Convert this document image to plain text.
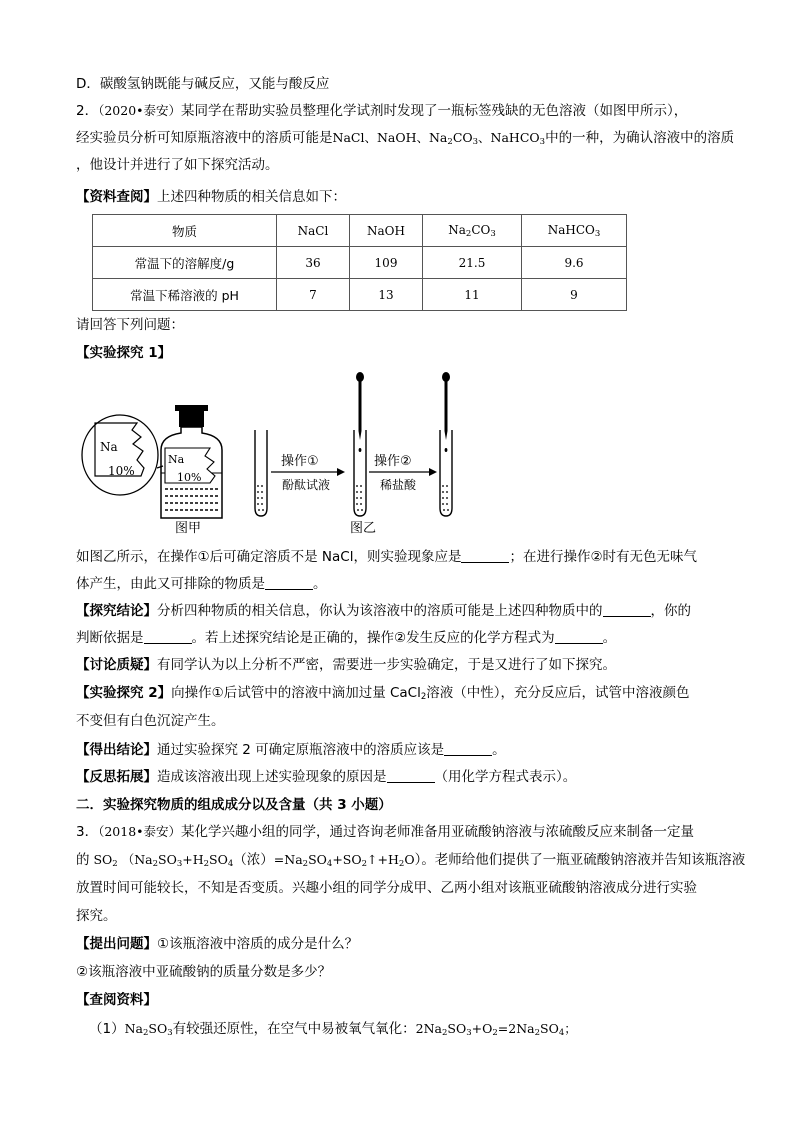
D．碳酸氢钠既能与碱反应，又能与酸反应
2．（2020•泰安）某同学在帮助实验员整理化学试剂时发现了一瓶标签残缺的无色溶液（如图甲所示），
经实验员分析可知原瓶溶液中的溶质可能是NaCl、NaOH、$Na_2CO_3$、NaHCO$_3$中的一种，为确认溶液中的溶质
，他设计并进行了如下探究活动。
【资料查阅】上述四种物质的相关信息如下：
物质	NaCl	NaOH	$Na_2CO_3$	NaHCO$_3$
常温下的溶解度/g	36	109	21.5	9.6
常温下稀溶液的 pH	7	13	11	9
请回答下列问题：
【实验探究 1】
Na
10%
Na
10%
图甲
操作①
酚酞试液
图乙
操作②
稀盐酸
如图乙所示，在操作①后可确定溶质不是 NaCl，则实验现象应是	；在进行操作②时有无色无味气
体产生，由此又可排除的物质是	。
【探究结论】分析四种物质的相关信息，你认为该溶液中的溶质可能是上述四种物质中的	，你的
判断依据是	。若上述探究结论是正确的，操作②发生反应的化学方程式为	。
【讨论质疑】有同学认为以上分析不严密，需要进一步实验确定，于是又进行了如下探究。
【实验探究 2】向操作①后试管中的溶液中滴加过量 CaCl$_2$溶液（中性），充分反应后，试管中溶液颜色
不变但有白色沉淀产生。
【得出结论】通过实验探究 2 可确定原瓶溶液中的溶质应该是	。
【反思拓展】造成该溶液出现上述实验现象的原因是	（用化学方程式表示）。
二．实验探究物质的组成成分以及含量（共 3 小题）
3．（2018•泰安）某化学兴趣小组的同学，通过咨询老师准备用亚硫酸钠溶液与浓硫酸反应来制备一定量
的 $SO_2$ （$Na_2SO_3+H_2SO_4$（浓）$=Na_2SO_4+SO_2↑+H_2O$）。老师给他们提供了一瓶亚硫酸钠溶液并告知该瓶溶液
放置时间可能较长，不知是否变质。兴趣小组的同学分成甲、乙两小组对该瓶亚硫酸钠溶液成分进行实验
探究。
【提出问题】①该瓶溶液中溶质的成分是什么？
②该瓶溶液中亚硫酸钠的质量分数是多少？
【查阅资料】
$(1)Na_2SO_3$有较强还原性，在空气中易被氧气氧化：$2Na_2SO_3+O_2=2Na_2SO_4$；
